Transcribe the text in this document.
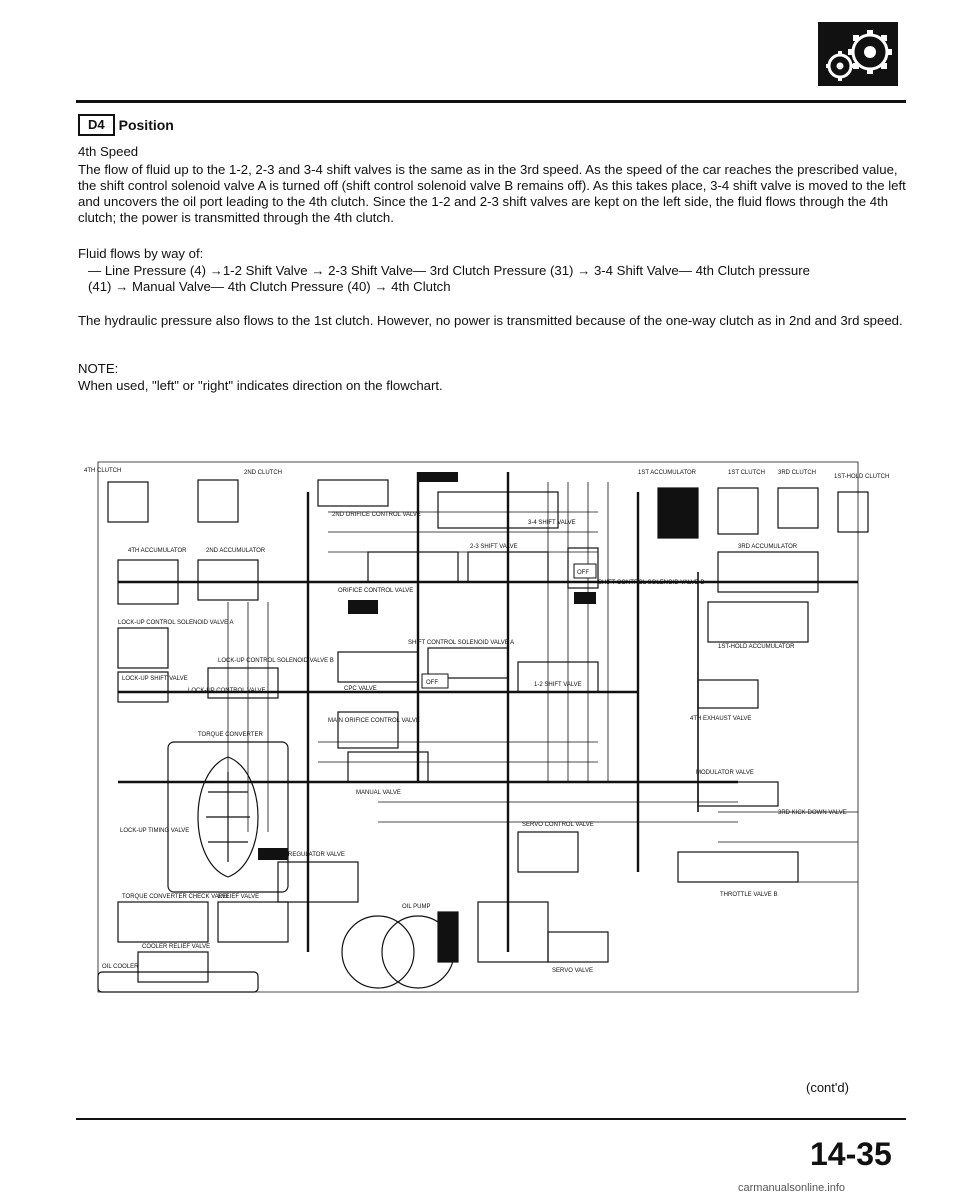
D4	Position
4th Speed
The flow of fluid up to the 1-2, 2-3 and 3-4 shift valves is the same as in the 3rd speed. As the speed of the car reaches the prescribed value, the shift control solenoid valve A is turned off (shift control solenoid valve B remains off). As this takes place, 3-4 shift valve is moved to the left and uncovers the oil port leading to the 4th clutch. Since the 1-2 and 2-3 shift valves are kept on the left side, the fluid flows through the 4th clutch; the power is transmitted through the 4th clutch.
Fluid flows by way of:
— Line Pressure (4) →1-2 Shift Valve → 2-3 Shift Valve— 3rd Clutch Pressure (31) → 3-4 Shift Valve— 4th Clutch pressure
(41) → Manual Valve— 4th Clutch Pressure (40) → 4th Clutch
The hydraulic pressure also flows to the 1st clutch. However, no power is transmitted because of the one-way clutch as in 2nd and 3rd speed.
NOTE:
When used, "left" or "right" indicates direction on the flowchart.
4TH CLUTCH	2ND CLUTCH	1ST ACCUMULATOR	1ST CLUTCH 3RD CLUTCH
1ST-HOLD CLUTCH
2ND ORIFICE CONTROL VALVE
3-4 SHIFT VALVE
4TH ACCUMULATOR	2ND ACCUMULATOR
2-3 SHIFT VALVE
OFF
SHIFT CONTROL SOLENOID VALVE B
3RD ACCUMULATOR
ORIFICE CONTROL VALVE
LOCK-UP CONTROL SOLENOID VALVE A
SHIFT CONTROL SOLENOID VALVE A
OFF
1ST-HOLD ACCUMULATOR
LOCK-UP CONTROL SOLENOID VALVE B
LOCK-UP SHIFT VALVE
LOCK-UP CONTROL VALVE	CPC VALVE
1-2 SHIFT VALVE
4TH EXHAUST VALVE
MAIN ORIFICE CONTROL VALVE
TORQUE CONVERTER
MANUAL VALVE
MODULATOR VALVE
3RD KICK-DOWN VALVE
LOCK-UP TIMING VALVE
SERVO CONTROL VALVE
REGULATOR VALVE
THROTTLE VALVE B
TORQUE CONVERTER CHECK VALVE
RELIEF VALVE
OIL PUMP
COOLER RELIEF VALVE
OIL COOLER
SERVO VALVE
(cont'd)
14-35
carmanualsonline.info
